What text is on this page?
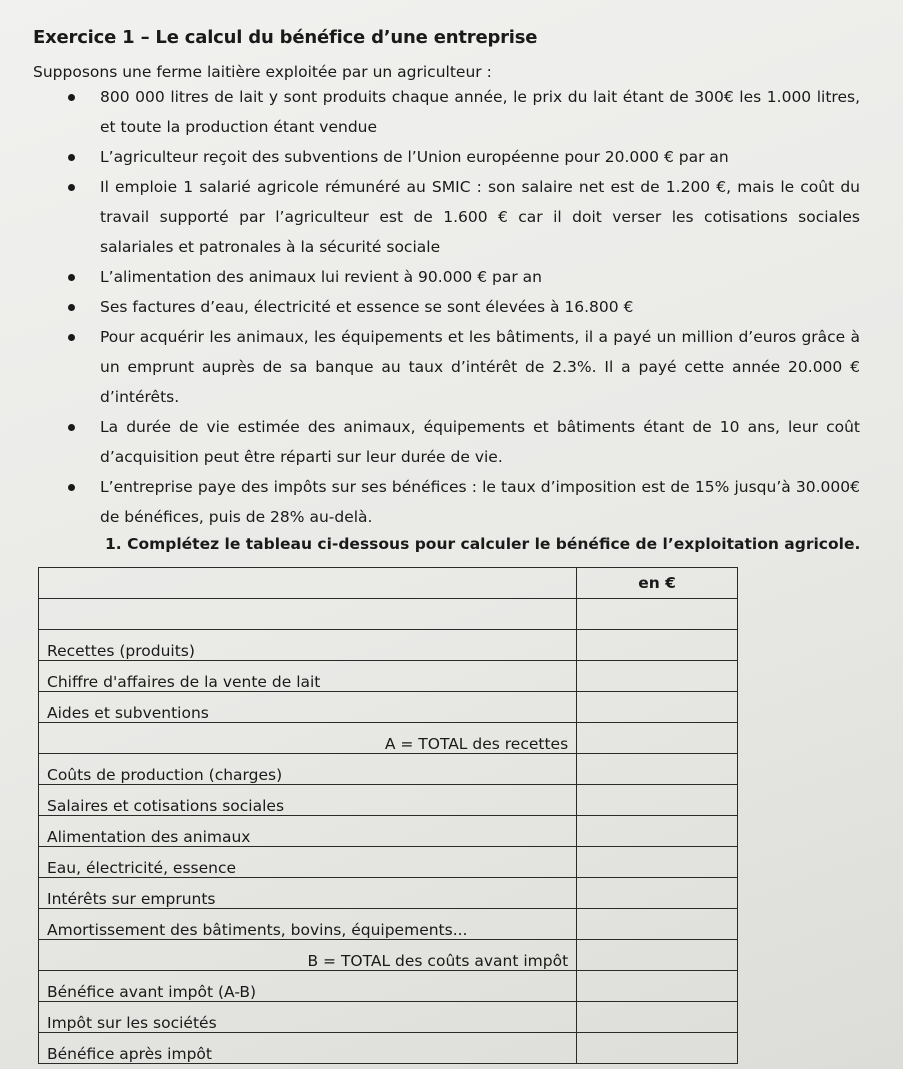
Exercice 1 – Le calcul du bénéfice d’une entreprise
Supposons une ferme laitière exploitée par un agriculteur :
800 000 litres de lait y sont produits chaque année, le prix du lait étant de 300€ les 1.000 litres, et toute la production étant vendue
L’agriculteur reçoit des subventions de l’Union européenne pour 20.000 € par an
Il emploie 1 salarié agricole rémunéré au SMIC : son salaire net est de 1.200 €, mais le coût du travail supporté par l’agriculteur est de 1.600 € car il doit verser les cotisations sociales salariales et patronales à la sécurité sociale
L’alimentation des animaux lui revient à 90.000 € par an
Ses factures d’eau, électricité et essence se sont élevées à 16.800 €
Pour acquérir les animaux, les équipements et les bâtiments, il a payé un million d’euros grâce à un emprunt auprès de sa banque au taux d’intérêt de 2.3%. Il a payé cette année 20.000 € d’intérêts.
La durée de vie estimée des animaux, équipements et bâtiments étant de 10 ans, leur coût d’acquisition peut être réparti sur leur durée de vie.
L’entreprise paye des impôts sur ses bénéfices : le taux d’imposition est de 15% jusqu’à 30.000€ de bénéfices, puis de 28% au-delà.
1. Complétez le tableau ci-dessous pour calculer le bénéfice de l’exploitation agricole.
	en €

Recettes (produits)	
Chiffre d'affaires de la vente de lait	
Aides et subventions	
A = TOTAL des recettes	
Coûts de production (charges)	
Salaires et cotisations sociales	
Alimentation des animaux	
Eau, électricité, essence	
Intérêts sur emprunts	
Amortissement des bâtiments, bovins, équipements...	
B = TOTAL des coûts avant impôt	
Bénéfice avant impôt (A-B)	
Impôt sur les sociétés	
Bénéfice après impôt	
